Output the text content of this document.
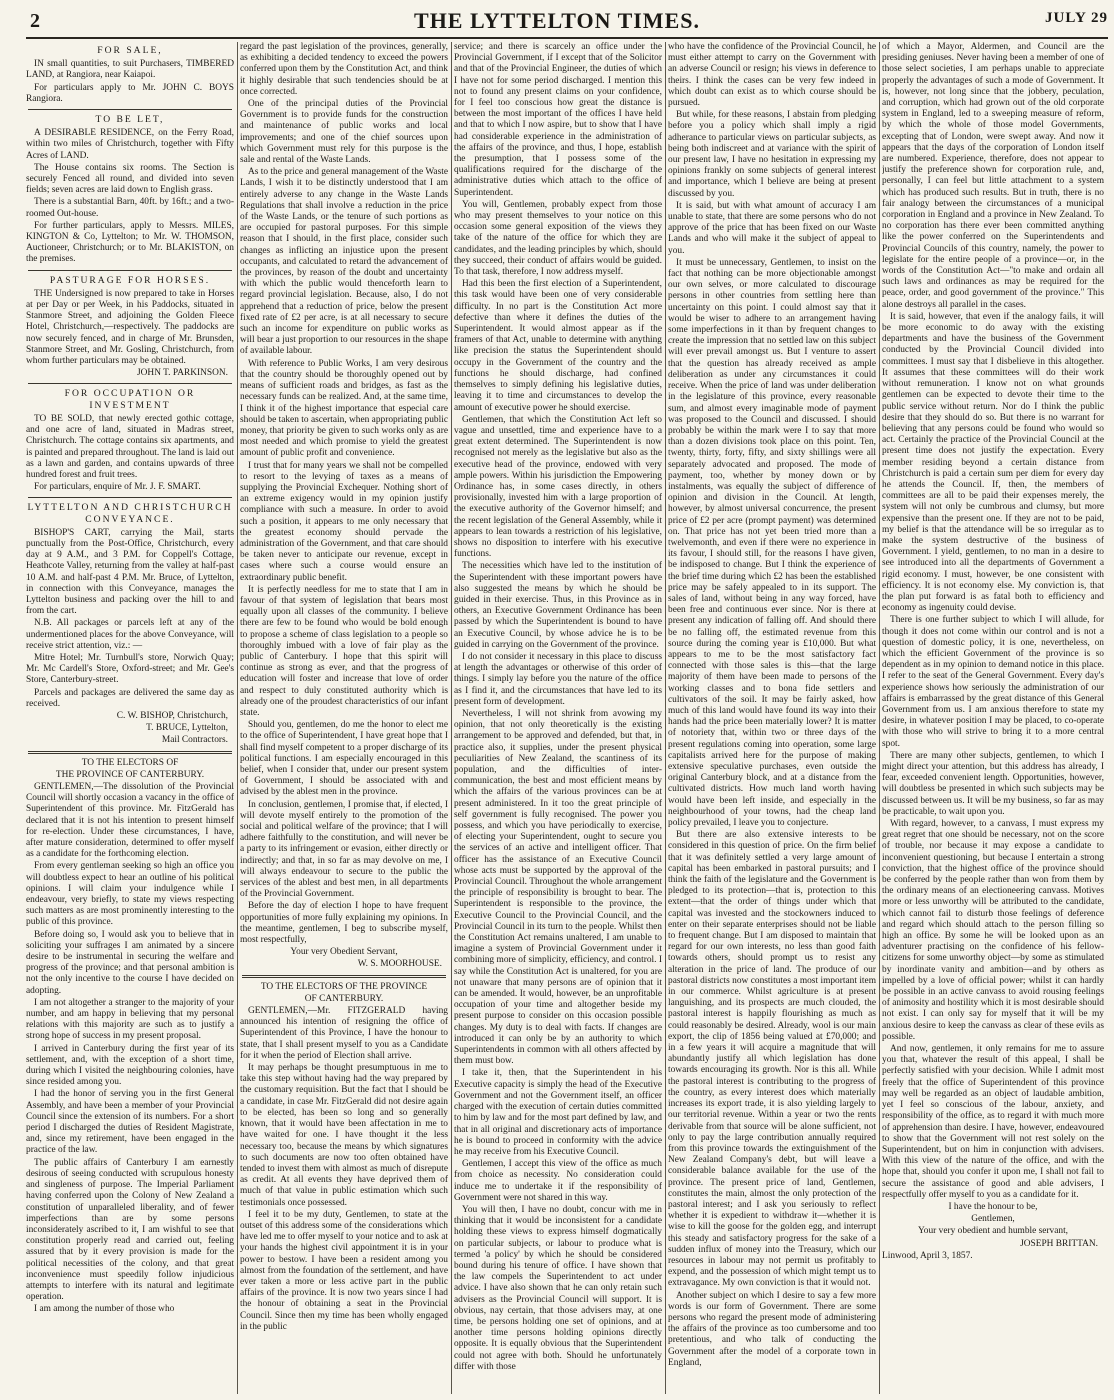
2	THE LYTTELTON TIMES.	JULY 29
FOR SALE,

IN small quantities, to suit Purchasers, TIMBERED LAND, at Rangiora, near Kaiapoi.

For particulars apply to Mr. JOHN C. BOYS Rangiora.

TO BE LET,

A DESIRABLE RESIDENCE, on the Ferry Road, within two miles of Christchurch, together with Fifty Acres of LAND.

The House contains six rooms. The Section is securely Fenced all round, and divided into seven fields; seven acres are laid down to English grass.

There is a substantial Barn, 40ft. by 16ft.; and a two-roomed Out-house.

For further particulars, apply to Messrs. MILES, KINGTON & Co, Lyttelton; to Mr. W. THOMSON, Auctioneer, Christchurch; or to Mr. BLAKISTON, on the premises.

PASTURAGE FOR HORSES.

THE Undersigned is now prepared to take in Horses at per Day or per Week, in his Paddocks, situated in Stanmore Street, and adjoining the Golden Fleece Hotel, Christchurch,—respectively. The paddocks are now securely fenced, and in charge of Mr. Brunsden, Stanmore Street, and Mr. Gosling, Christchurch, from whom further particulars may be obtained.

JOHN T. PARKINSON.
FOR OCCUPATION OR INVESTMENT

TO BE SOLD, that newly erected gothic cottage, and one acre of land, situated in Madras street, Christchurch. The cottage contains six apartments, and is painted and prepared throughout. The land is laid out as a lawn and garden, and contains upwards of three hundred forest and fruit trees.

For particulars, enquire of Mr. J. F. SMART.

LYTTELTON AND CHRISTCHURCH CONVEYANCE.

BISHOP'S CART, carrying the Mail, starts punctually from the Post-Office, Christchurch, every day at 9 A.M., and 3 P.M. for Coppell's Cottage, Heathcote Valley, returning from the valley at half-past 10 A.M. and half-past 4 P.M. Mr. Bruce, of Lyttelton, in connection with this Conveyance, manages the Lyttelton business and packing over the hill to and from the cart.

N.B. All packages or parcels left at any of the undermentioned places for the above Conveyance, will receive strict attention, viz.: —

Mitre Hotel; Mr. Turnbull's store, Norwich Quay; Mr. Mc Cardell's Store, Oxford-street; and Mr. Gee's Store, Canterbury-street.

Parcels and packages are delivered the same day as received.

C. W. BISHOP, Christchurch,
T. BRUCE, Lyttelton,
Mail Contractors.
TO THE ELECTORS OF
THE PROVINCE OF CANTERBURY.

GENTLEMEN,—The dissolution of the Provincial Council will shortly occasion a vacancy in the office of Superintendent of this province. Mr. FitzGerald has declared that it is not his intention to present himself for re-election. Under these circumstances, I have, after mature consideration, determined to offer myself as a candidate for the forthcoming election.

From every gentleman seeking so high an office you will doubtless expect to hear an outline of his political opinions. I will claim your indulgence while I endeavour, very briefly, to state my views respecting such matters as are most prominently interesting to the public of this province.

Before doing so, I would ask you to believe that in soliciting your suffrages I am animated by a sincere desire to be instrumental in securing the welfare and progress of the province; and that personal ambition is not the only incentive to the course I have decided on adopting.

I am not altogether a stranger to the majority of your number, and am happy in believing that my personal relations with this majority are such as to justify a strong hope of success in my present proposal.

I arrived in Canterbury during the first year of its settlement, and, with the exception of a short time, during which I visited the neighbouring colonies, have since resided among you.

I had the honor of serving you in the first General Assembly, and have been a member of your Provincial Council since the extension of its numbers. For a short period I discharged the duties of Resident Magistrate, and, since my retirement, have been engaged in the practice of the law.

The public affairs of Canterbury I am earnestly desirous of seeing conducted with scrupulous honesty and singleness of purpose. The Imperial Parliament having conferred upon the Colony of New Zealand a constitution of unparalleled liberality, and of fewer imperfections than are by some persons inconsiderately ascribed to it, I am wishful to see that constitution properly read and carried out, feeling assured that by it every provision is made for the political necessities of the colony, and that great inconvenience must speedily follow injudicious attempts to interfere with its natural and legitimate operation.

I am among the number of those who

regard the past legislation of the provinces, generally, as exhibiting a decided tendency to exceed the powers conferred upon them by the Constitution Act, and think it highly desirable that such tendencies should be at once corrected.

One of the principal duties of the Provincial Government is to provide funds for the construction and maintenance of public works and local improvements; and one of the chief sources upon which Government must rely for this purpose is the sale and rental of the Waste Lands.

As to the price and general management of the Waste Lands, I wish it to be distinctly understood that I am entirely adverse to any change in the Waste Lands Regulations that shall involve a reduction in the price of the Waste Lands, or the tenure of such portions as are occupied for pastoral purposes. For this simple reason that I should, in the first place, consider such changes as inflicting an injustice upon the present occupants, and calculated to retard the advancement of the provinces, by reason of the doubt and uncertainty with which the public would thenceforth learn to regard provincial legislation. Because, also, I do not apprehend that a reduction of price, below the present fixed rate of £2 per acre, is at all necessary to secure such an income for expenditure on public works as will bear a just proportion to our resources in the shape of available labour.

With reference to Public Works, I am very desirous that the country should be thoroughly opened out by means of sufficient roads and bridges, as fast as the necessary funds can be realized. And, at the same time, I think it of the highest importance that especial care should be taken to ascertain, when appropriating public money, that priority be given to such works only as are most needed and which promise to yield the greatest amount of public profit and convenience.

I trust that for many years we shall not be compelled to resort to the levying of taxes as a means of supplying the Provincial Exchequer. Nothing short of an extreme exigency would in my opinion justify compliance with such a measure. In order to avoid such a position, it appears to me only necessary that the greatest economy should pervade the administration of the Government, and that care should be taken never to anticipate our revenue, except in cases where such a course would ensure an extraordinary public benefit.

It is perfectly needless for me to state that I am in favour of that system of legislation that bears most equally upon all classes of the community. I believe there are few to be found who would be bold enough to propose a scheme of class legislation to a people so thoroughly imbued with a love of fair play as the public of Canterbury. I hope that this spirit will continue as strong as ever, and that the progress of education will foster and increase that love of order and respect to duly constituted authority which is already one of the proudest characteristics of our infant state.

Should you, gentlemen, do me the honor to elect me to the office of Superintendent, I have great hope that I shall find myself competent to a proper discharge of its political functions. I am especially encouraged in this belief, when I consider that, under our present system of Government, I should be associated with and advised by the ablest men in the province.

In conclusion, gentlemen, I promise that, if elected, I will devote myself entirely to the promotion of the social and political welfare of the province; that I will adhere faithfully to the constitution, and will never be a party to its infringement or evasion, either directly or indirectly; and that, in so far as may devolve on me, I will always endeavour to secure to the public the services of the ablest and best men, in all departments of the Provincial Government.

Before the day of election I hope to have frequent opportunities of more fully explaining my opinions. In the meantime, gentlemen, I beg to subscribe myself, most respectfully,

Your very Obedient Servant,
W. S. MOORHOUSE.
TO THE ELECTORS OF THE PROVINCE
OF CANTERBURY.

GENTLEMEN,—Mr. FITZGERALD having announced his intention of resigning the office of Superintendent of this Province, I have the honour to state, that I shall present myself to you as a Candidate for it when the period of Election shall arrive.

It may perhaps be thought presumptuous in me to take this step without having had the way prepared by the customary requisition. But the fact that I should be a candidate, in case Mr. FitzGerald did not desire again to be elected, has been so long and so generally known, that it would have been affectation in me to have waited for one. I have thought it the less necessary too, because the means by which signatures to such documents are now too often obtained have tended to invest them with almost as much of disrepute as credit. At all events they have deprived them of much of that value in public estimation which such testimonials once possessed.

I feel it to be my duty, Gentlemen, to state at the outset of this address some of the considerations which have led me to offer myself to your notice and to ask at your hands the highest civil appointment it is in your power to bestow. I have been a resident among you almost from the foundation of the settlement, and have ever taken a more or less active part in the public affairs of the province. It is now two years since I had the honour of obtaining a seat in the Provincial Council. Since then my time has been wholly engaged in the public

service; and there is scarcely an office under the Provincial Government, if I except that of the Solicitor and that of the Provincial Engineer, the duties of which I have not for some period discharged. I mention this not to found any present claims on your confidence, for I feel too conscious how great the distance is between the most important of the offices I have held and that to which I now aspire, but to show that I have had considerable experience in the administration of the affairs of the province, and thus, I hope, establish the presumption, that I possess some of the qualifications required for the discharge of the administrative duties which attach to the office of Superintendent.

You will, Gentlemen, probably expect from those who may present themselves to your notice on this occasion some general exposition of the views they take of the nature of the office for which they are candidates, and the leading principles by which, should they succeed, their conduct of affairs would be guided. To that task, therefore, I now address myself.

Had this been the first election of a Superintendent, this task would have been one of very considerable difficulty. In no part is the Constitution Act more defective than where it defines the duties of the Superintendent. It would almost appear as if the framers of that Act, unable to determine with anything like precision the status the Superintendent should occupy in the Government of the country and the functions he should discharge, had confined themselves to simply defining his legislative duties, leaving it to time and circumstances to develop the amount of executive power he should exercise.

Gentlemen, that which the Constitution Act left so vague and unsettled, time and experience have to a great extent determined. The Superintendent is now recognised not merely as the legislative but also as the executive head of the province, endowed with very ample powers. Within his jurisdiction the Empowering Ordinance has, in some cases directly, in others provisionally, invested him with a large proportion of the executive authority of the Governor himself; and the recent legislation of the General Assembly, while it appears to lean towards a restriction of his legislative, shows no disposition to interfere with his executive functions.

The necessities which have led to the institution of the Superintendent with these important powers have also suggested the means by which he should be guided in their exercise. Thus, in this Province as in others, an Executive Government Ordinance has been passed by which the Superintendent is bound to have an Executive Council, by whose advice he is to be guided in carrying on the Government of the province.

I do not consider it necessary in this place to discuss at length the advantages or otherwise of this order of things. I simply lay before you the nature of the office as I find it, and the circumstances that have led to its present form of development.

Nevertheless, I will not shrink from avowing my opinion, that not only theoretically is the existing arrangement to be approved and defended, but that, in practice also, it supplies, under the present physical peculiarities of New Zealand, the scantiness of its population, and the difficulties of inter-communication, the best and most efficient means by which the affairs of the various provinces can be at present administered. In it too the great principle of self government is fully recognised. The power you possess, and which you have periodically to exercise, of electing your Superintendent, ought to secure you the services of an active and intelligent officer. That officer has the assistance of an Executive Council whose acts must be supported by the approval of the Provincial Council. Throughout the whole arrangement the principle of responsibility is brought to bear. The Superintendent is responsible to the province, the Executive Council to the Provincial Council, and the Provincial Council in its turn to the people. Whilst then the Constitution Act remains unaltered, I am unable to imagine a system of Provincial Government under it combining more of simplicity, efficiency, and control. I say while the Constitution Act is unaltered, for you are not unaware that many persons are of opinion that it can be amended. It would, however, be an unprofitable occupation of your time and altogether beside my present purpose to consider on this occasion possible changes. My duty is to deal with facts. If changes are introduced it can only be by an authority to which Superintendents in common with all others affected by them must bow.

I take it, then, that the Superintendent in his Executive capacity is simply the head of the Executive Government and not the Government itself, an officer charged with the execution of certain duties committed to him by law and for the most part defined by law, and that in all original and discretionary acts of importance he is bound to proceed in conformity with the advice he may receive from his Executive Council.

Gentlemen, I accept this view of the office as much from choice as necessity. No consideration could induce me to undertake it if the responsibility of Government were not shared in this way.

You will then, I have no doubt, concur with me in thinking that it would be inconsistent for a candidate holding these views to express himself dogmatically on particular subjects, or labour to produce what is termed 'a policy' by which he should be considered bound during his tenure of office. I have shown that the law compels the Superintendent to act under advice. I have also shown that he can only retain such advisers as the Provincial Council will support. It is obvious, nay certain, that those advisers may, at one time, be persons holding one set of opinions, and at another time persons holding opinions directly opposite. It is equally obvious that the Superintendent could not agree with both. Should he unfortunately differ with those

who have the confidence of the Provincial Council, he must either attempt to carry on the Government with an adverse Council or resign; his views in deference to theirs. I think the cases can be very few indeed in which doubt can exist as to which course should be pursued.

But while, for these reasons, I abstain from pledging before you a policy which shall imply a rigid adherance to particular views on particular subjects, as being both indiscreet and at variance with the spirit of our present law, I have no hesitation in expressing my opinions frankly on some subjects of general interest and importance, which I believe are being at present discussed by you.

It is said, but with what amount of accuracy I am unable to state, that there are some persons who do not approve of the price that has been fixed on our Waste Lands and who will make it the subject of appeal to you.

It must be unnecessary, Gentlemen, to insist on the fact that nothing can be more objectionable amongst our own selves, or more calculated to discourage persons in other countries from settling here than uncertainty on this point. I could almost say that it would be wiser to adhere to an arrangement having some imperfections in it than by frequent changes to create the impression that no settled law on this subject will ever prevail amongst us. But I venture to assert that the question has already received as ample deliberation as under any circumstances it could receive. When the price of land was under deliberation in the legislature of this province, every reasonable sum, and almost every imaginable mode of payment was proposed to the Council and discussed. I should probably be within the mark were I to say that more than a dozen divisions took place on this point. Ten, twenty, thirty, forty, fifty, and sixty shillings were all separately advocated and proposed. The mode of payment, too, whether by money down or by instalments, was equally the subject of difference of opinion and division in the Council. At length, however, by almost universal concurrence, the present price of £2 per acre (prompt payment) was determined on. That price has not yet been tried more than a twelvemonth, and even if there were no experience in its favour, I should still, for the reasons I have given, be indisposed to change. But I think the experience of the brief time during which £2 has been the established price may be safely appealed to in its support. The sales of land, without being in any way forced, have been free and continuous ever since. Nor is there at present any indication of falling off. And should there be no falling off, the estimated revenue from this source during the coming year is £10,000. But what appears to me to be the most satisfactory fact connected with those sales is this—that the large majority of them have been made to persons of the working classes and to bona fide settlers and cultivators of the soil. It may be fairly asked, how much of this land would have found its way into their hands had the price been materially lower? It is matter of notoriety that, within two or three days of the present regulations coming into operation, some large capitalists arrived here for the purpose of making extensive speculative purchases, even outside the original Canterbury block, and at a distance from the cultivated districts. How much land worth having would have been left inside, and especially in the neighbourhood of your towns, had the cheap land policy prevailed, I leave you to conjecture.

But there are also extensive interests to be considered in this question of price. On the firm belief that it was definitely settled a very large amount of capital has been embarked in pastoral pursuits; and I think the faith of the legislature and the Government is pledged to its protection—that is, protection to this extent—that the order of things under which that capital was invested and the stockowners induced to enter on their separate enterprises should not be liable to frequent change. But I am disposed to maintain that regard for our own interests, no less than good faith towards others, should prompt us to resist any alteration in the price of land. The produce of our pastoral districts now constitutes a most important item in our commerce. Whilst agriculture is at present languishing, and its prospects are much clouded, the pastoral interest is happily flourishing as much as could reasonably be desired. Already, wool is our main export, the clip of 1856 being valued at £70,000; and in a few years it will acquire a magnitude that will abundantly justify all which legislation has done towards encouraging its growth. Nor is this all. While the pastoral interest is contributing to the progress of the country, as every interest does which materially increases its export trade, it is also yielding largely to our territorial revenue. Within a year or two the rents derivable from that source will be alone sufficient, not only to pay the large contribution annually required from this province towards the extinguishment of the New Zealand Company's debt, but will leave a considerable balance available for the use of the province. The present price of land, Gentlemen, constitutes the main, almost the only protection of the pastoral interest; and I ask you seriously to reflect whether it is expedient to withdraw it—whether it is wise to kill the goose for the golden egg, and interrupt this steady and satisfactory progress for the sake of a sudden influx of money into the Treasury, which our resources in labour may not permit us profitably to expend, and the possession of which might tempt us to extravagance. My own conviction is that it would not.

Another subject on which I desire to say a few more words is our form of Government. There are some persons who regard the present mode of administering the affairs of the province as too cumbersome and too pretentious, and who talk of conducting the Government after the model of a corporate town in England,

of which a Mayor, Aldermen, and Council are the presiding geniuses. Never having been a member of one of those select societies, I am perhaps unable to appreciate properly the advantages of such a mode of Government. It is, however, not long since that the jobbery, peculation, and corruption, which had grown out of the old corporate system in England, led to a sweeping measure of reform, by which the whole of those model Governments, excepting that of London, were swept away. And now it appears that the days of the corporation of London itself are numbered. Experience, therefore, does not appear to justify the preference shown for corporation rule, and, personally, I can feel but little attachment to a system which has produced such results. But in truth, there is no fair analogy between the circumstances of a municipal corporation in England and a province in New Zealand. To no corporation has there ever been committed anything like the power conferred on the Superintendents and Provincial Councils of this country, namely, the power to legislate for the entire people of a province—or, in the words of the Constitution Act—"to make and ordain all such laws and ordinances as may be required for the peace, order, and good government of the province." This alone destroys all parallel in the cases.

It is said, however, that even if the analogy fails, it will be more economic to do away with the existing departments and have the business of the Government conducted by the Provincial Council divided into committees. I must say that I disbelieve in this altogether. It assumes that these committees will do their work without remuneration. I know not on what grounds gentlemen can be expected to devote their time to the public service without return. Nor do I think the public desire that they should do so. But there is no warrant for believing that any persons could be found who would so act. Certainly the practice of the Provincial Council at the present time does not justify the expectation. Every member residing beyond a certain distance from Christchurch is paid a certain sum per diem for every day he attends the Council. If, then, the members of committees are all to be paid their expenses merely, the system will not only be cumbrous and clumsy, but more expensive than the present one. If they are not to be paid, my belief is that the attendance will be so irregular as to make the system destructive of the business of Government. I yield, gentlemen, to no man in a desire to see introduced into all the departments of Government a rigid economy. I must, however, be one consistent with efficiency. It is not economy else. My conviction is, that the plan put forward is as fatal both to efficiency and economy as ingenuity could devise.

There is one further subject to which I will allude, for though it does not come within our control and is not a question of domestic policy, it is one, nevertheless, on which the efficient Government of the province is so dependent as in my opinion to demand notice in this place. I refer to the seat of the General Government. Every day's experience shows how seriously the administration of our affairs is embarrassed by the great distance of this General Government from us. I am anxious therefore to state my desire, in whatever position I may be placed, to co-operate with those who will strive to bring it to a more central spot.

There are many other subjects, gentlemen, to which I might direct your attention, but this address has already, I fear, exceeded convenient length. Opportunities, however, will doubtless be presented in which such subjects may be discussed between us. It will be my business, so far as may be practicable, to wait upon you.

With regard, however, to a canvass, I must express my great regret that one should be necessary, not on the score of trouble, nor because it may expose a candidate to inconvenient questioning, but because I entertain a strong conviction, that the highest office of the province should be conferred by the people rather than won from them by the ordinary means of an electioneering canvass. Motives more or less unworthy will be attributed to the candidate, which cannot fail to disturb those feelings of deference and regard which should attach to the person filling so high an office. By some he will be looked upon as an adventurer practising on the confidence of his fellow-citizens for some unworthy object—by some as stimulated by inordinate vanity and ambition—and by others as impelled by a love of official power; whilst it can hardly be possible in an active canvass to avoid rousing feelings of animosity and hostility which it is most desirable should not exist. I can only say for myself that it will be my anxious desire to keep the canvass as clear of these evils as possible.

And now, gentlemen, it only remains for me to assure you that, whatever the result of this appeal, I shall be perfectly satisfied with your decision. While I admit most freely that the office of Superintendent of this province may well be regarded as an object of laudable ambition, yet I feel so conscious of the labour, anxiety, and responsibility of the office, as to regard it with much more of apprehension than desire. I have, however, endeavoured to show that the Government will not rest solely on the Superintendent, but on him in conjunction with advisers. With this view of the nature of the office, and with the hope that, should you confer it upon me, I shall not fail to secure the assistance of good and able advisers, I respectfully offer myself to you as a candidate for it.

I have the honour to be,
Gentlemen,
Your very obedient and humble servant,
JOSEPH BRITTAN.

Linwood, April 3, 1857.
